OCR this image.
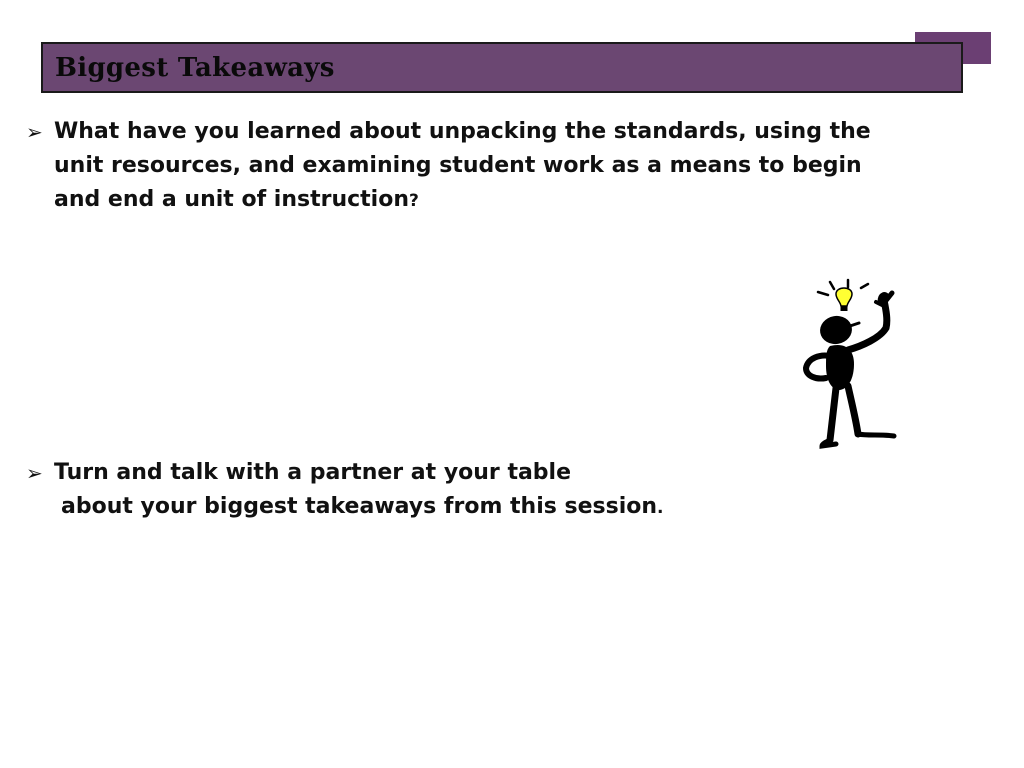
Biggest Takeaways
➢ What have you learned about unpacking the standards, using the
unit resources, and examining student work as a means to begin
and end a unit of instruction?
➢ Turn and talk with a partner at your table
about your biggest takeaways from this session.
